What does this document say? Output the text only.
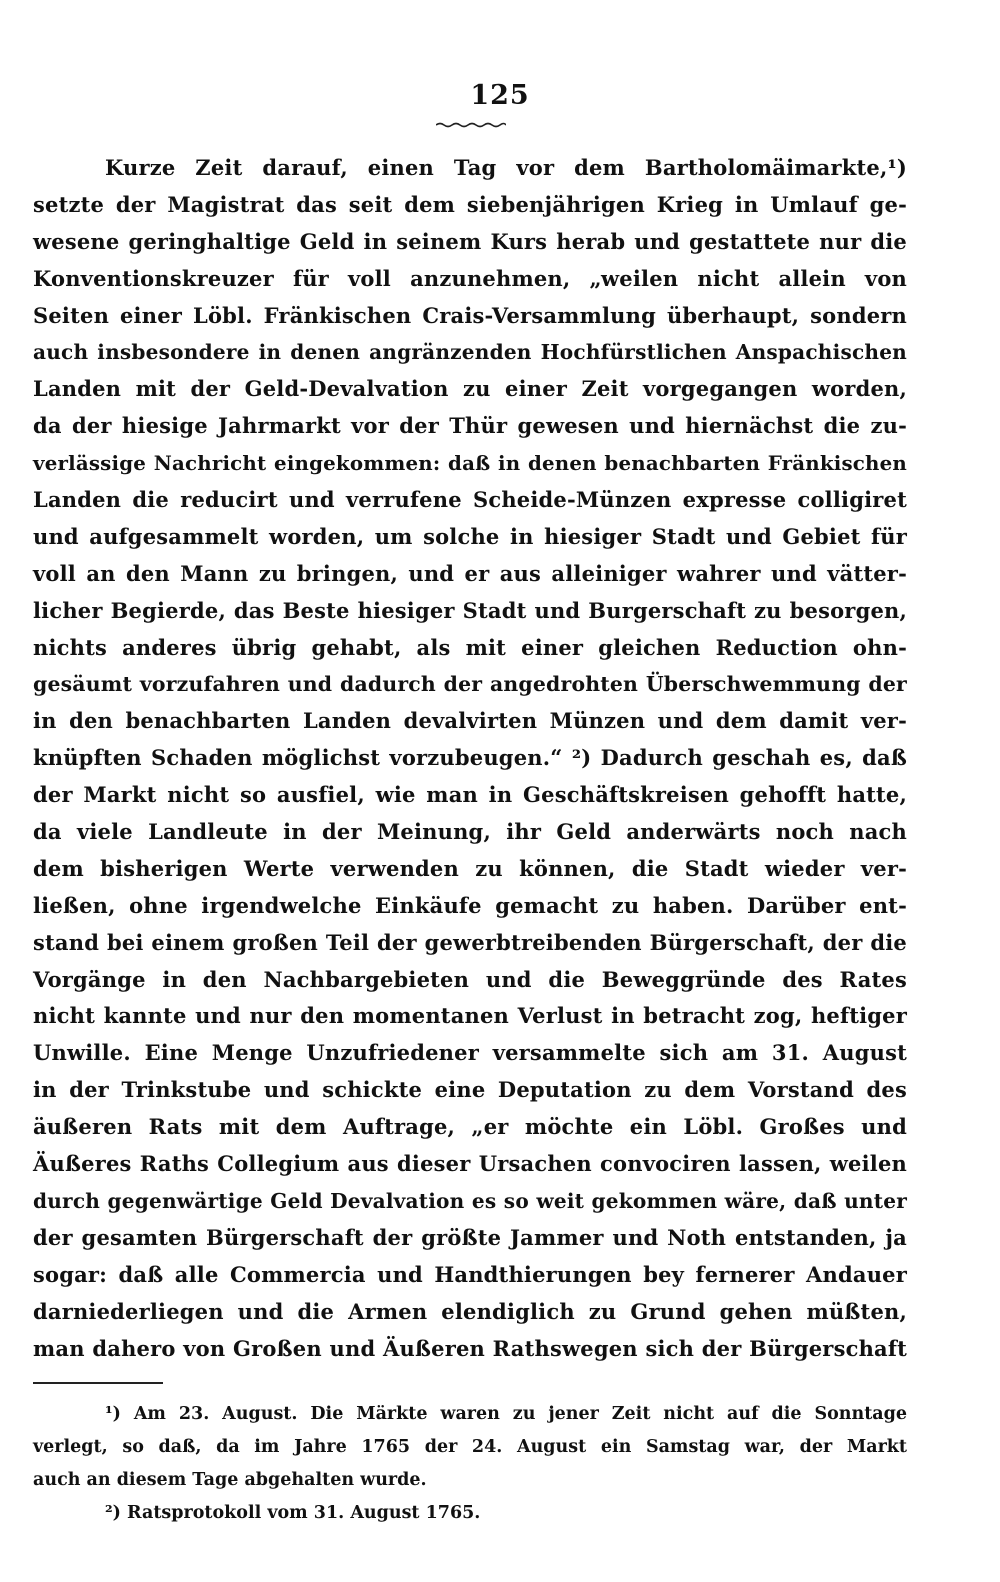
125
Kurze Zeit darauf, einen Tag vor dem Bartholomäimarkte,¹)
setzte der Magistrat das seit dem siebenjährigen Krieg in Umlauf ge-
wesene geringhaltige Geld in seinem Kurs herab und gestattete nur die
Konventionskreuzer für voll anzunehmen, „weilen nicht allein von
Seiten einer Löbl. Fränkischen Crais-Versammlung überhaupt, sondern
auch insbesondere in denen angränzenden Hochfürstlichen Anspachischen
Landen mit der Geld-Devalvation zu einer Zeit vorgegangen worden,
da der hiesige Jahrmarkt vor der Thür gewesen und hiernächst die zu-
verlässige Nachricht eingekommen: daß in denen benachbarten Fränkischen
Landen die reducirt und verrufene Scheide-Münzen expresse colligiret
und aufgesammelt worden, um solche in hiesiger Stadt und Gebiet für
voll an den Mann zu bringen, und er aus alleiniger wahrer und vätter-
licher Begierde, das Beste hiesiger Stadt und Burgerschaft zu besorgen,
nichts anderes übrig gehabt, als mit einer gleichen Reduction ohn-
gesäumt vorzufahren und dadurch der angedrohten Überschwemmung der
in den benachbarten Landen devalvirten Münzen und dem damit ver-
knüpften Schaden möglichst vorzubeugen.“ ²) Dadurch geschah es, daß
der Markt nicht so ausfiel, wie man in Geschäftskreisen gehofft hatte,
da viele Landleute in der Meinung, ihr Geld anderwärts noch nach
dem bisherigen Werte verwenden zu können, die Stadt wieder ver-
ließen, ohne irgendwelche Einkäufe gemacht zu haben. Darüber ent-
stand bei einem großen Teil der gewerbtreibenden Bürgerschaft, der die
Vorgänge in den Nachbargebieten und die Beweggründe des Rates
nicht kannte und nur den momentanen Verlust in betracht zog, heftiger
Unwille. Eine Menge Unzufriedener versammelte sich am 31. August
in der Trinkstube und schickte eine Deputation zu dem Vorstand des
äußeren Rats mit dem Auftrage, „er möchte ein Löbl. Großes und
Äußeres Raths Collegium aus dieser Ursachen convociren lassen, weilen
durch gegenwärtige Geld Devalvation es so weit gekommen wäre, daß unter
der gesamten Bürgerschaft der größte Jammer und Noth entstanden, ja
sogar: daß alle Commercia und Handthierungen bey fernerer Andauer
darniederliegen und die Armen elendiglich zu Grund gehen müßten,
man dahero von Großen und Äußeren Rathswegen sich der Bürgerschaft
¹) Am 23. August. Die Märkte waren zu jener Zeit nicht auf die Sonntage
verlegt, so daß, da im Jahre 1765 der 24. August ein Samstag war, der Markt
auch an diesem Tage abgehalten wurde.
²) Ratsprotokoll vom 31. August 1765.
